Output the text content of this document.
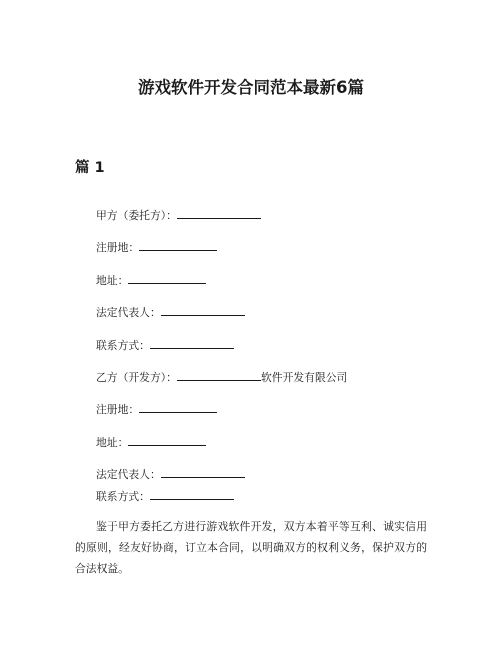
游戏软件开发合同范本最新6篇
篇 1
甲方（委托方）：
注册地：
地址：
法定代表人：
联系方式：
乙方（开发方）：	软件开发有限公司
注册地：
地址：
法定代表人：
联系方式：
鉴于甲方委托乙方进行游戏软件开发，双方本着平等互利、诚实信用的原则，经友好协商，订立本合同，以明确双方的权利义务，保护双方的合法权益。
